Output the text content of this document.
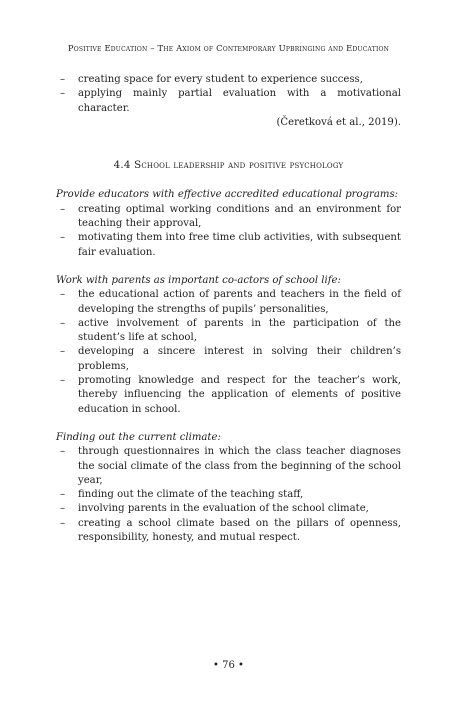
Positive Education – The Axiom of Contemporary Upbringing and Education
– creating space for every student to experience success,
– applying mainly partial evaluation with a motivational character.
(Čeretková et al., 2019).
4.4 School leadership and positive psychology

Provide educators with effective accredited educational programs:

– creating optimal working conditions and an environment for teaching their approval,
– motivating them into free time club activities, with subsequent fair evaluation.

Work with parents as important co-actors of school life:

– the educational action of parents and teachers in the field of developing the strengths of pupils’ personalities,
– active involvement of parents in the participation of the student’s life at school,
– developing a sincere interest in solving their children’s problems,
– promoting knowledge and respect for the teacher’s work, thereby influencing the application of elements of positive education in school.

Finding out the current climate:

– through questionnaires in which the class teacher diagnoses the social climate of the class from the beginning of the school year,
– finding out the climate of the teaching staff,
– involving parents in the evaluation of the school climate,
– creating a school climate based on the pillars of openness, responsibility, honesty, and mutual respect.
• 76 •
